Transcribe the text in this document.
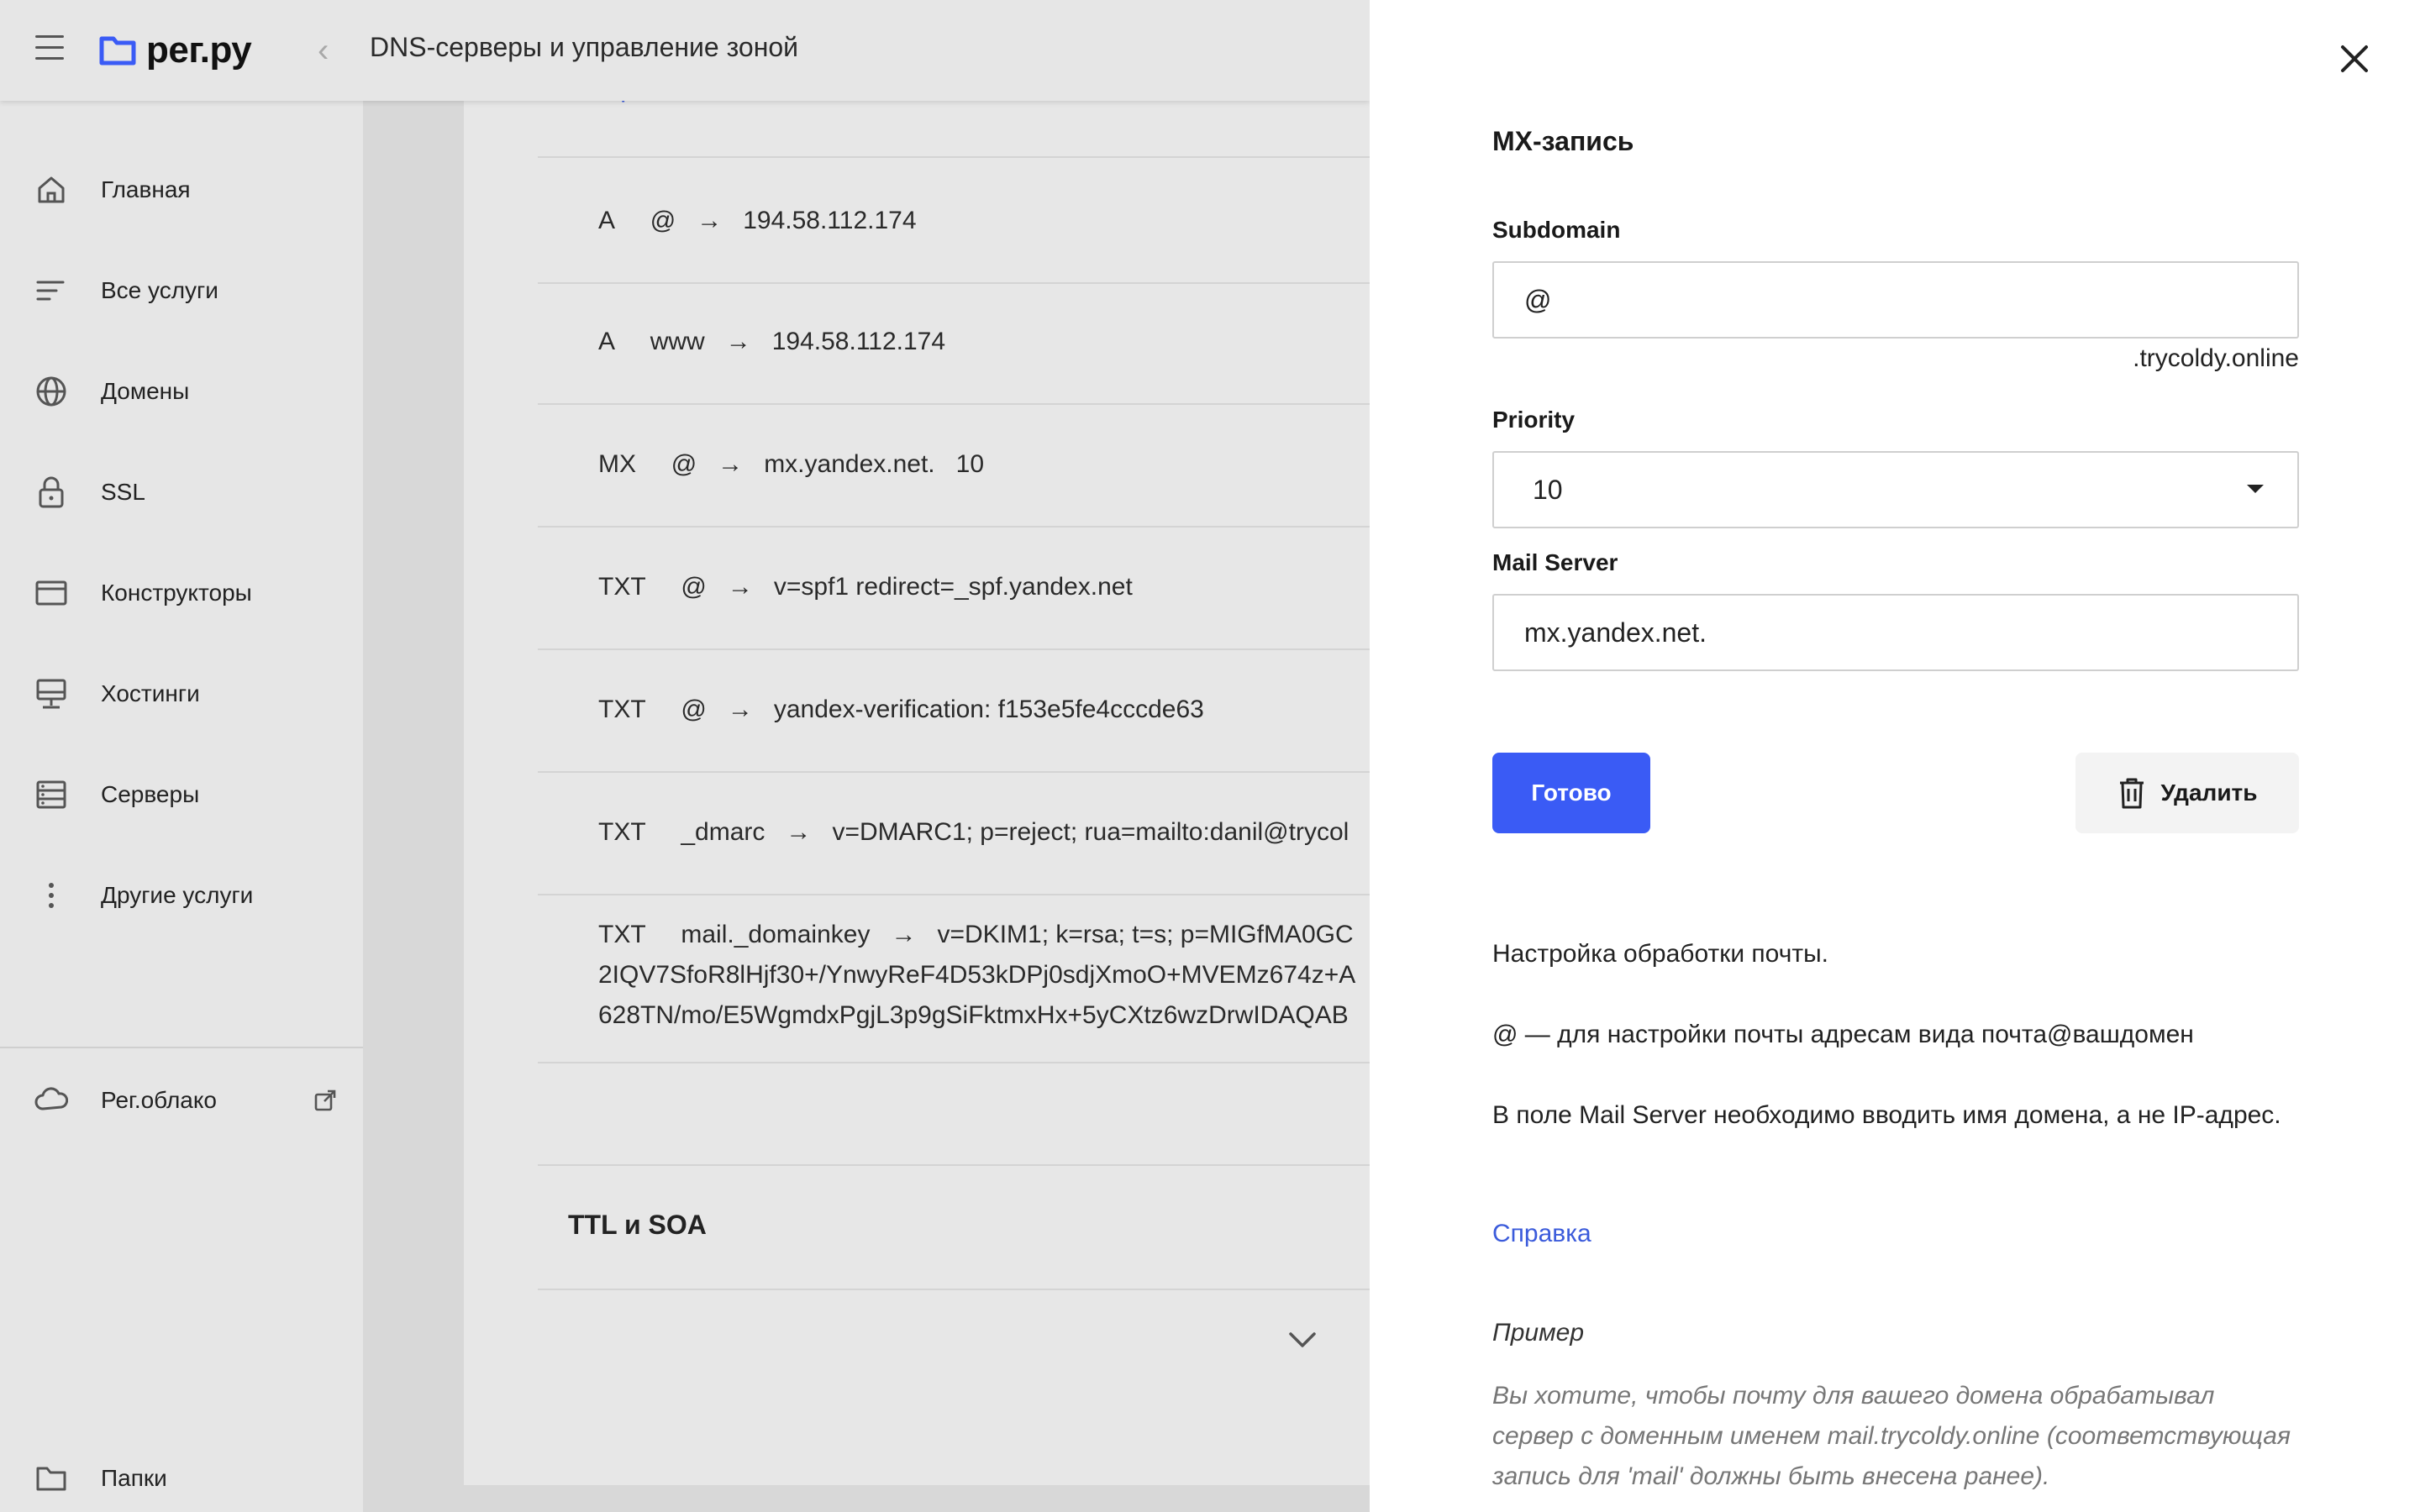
рег.ру ‹ DNS-серверы и управление зоной
Главная
Все услуги
Домены
SSL
Конструкторы
Хостинги
Серверы
Другие услуги
Рег.облако
Папки
A @ → 194.58.112.174
A www → 194.58.112.174
MX @ → mx.yandex.net. 10
TXT @ → v=spf1 redirect=_spf.yandex.net
TXT @ → yandex-verification: f153e5fe4cccde63
TXT _dmarc → v=DMARC1; p=reject; rua=mailto:danil@trycol
TXT mail._domainkey → v=DKIM1; k=rsa; t=s; p=MIGfMA0GC
2IQV7SfoR8lHjf30+/YnwyReF4D53kDPj0sdjXmoO+MVEMz674z+A
628TN/mo/E5WgmdxPgjL3p9gSiFktmxHx+5yCXtz6wzDrwIDAQAB
TTL и SOA
MX-запись
Subdomain
@
.trycoldy.online
Priority
10
Mail Server
mx.yandex.net.
Готово	Удалить
Настройка обработки почты.
@ — для настройки почты адресам вида почта@вашдомен
В поле Mail Server необходимо вводить имя домена, а не IP-адрес.
Справка
Пример
Вы хотите, чтобы почту для вашего домена обрабатывал сервер с доменным именем mail.trycoldy.online (соответствующая запись для 'mail' должны быть внесена ранее).
